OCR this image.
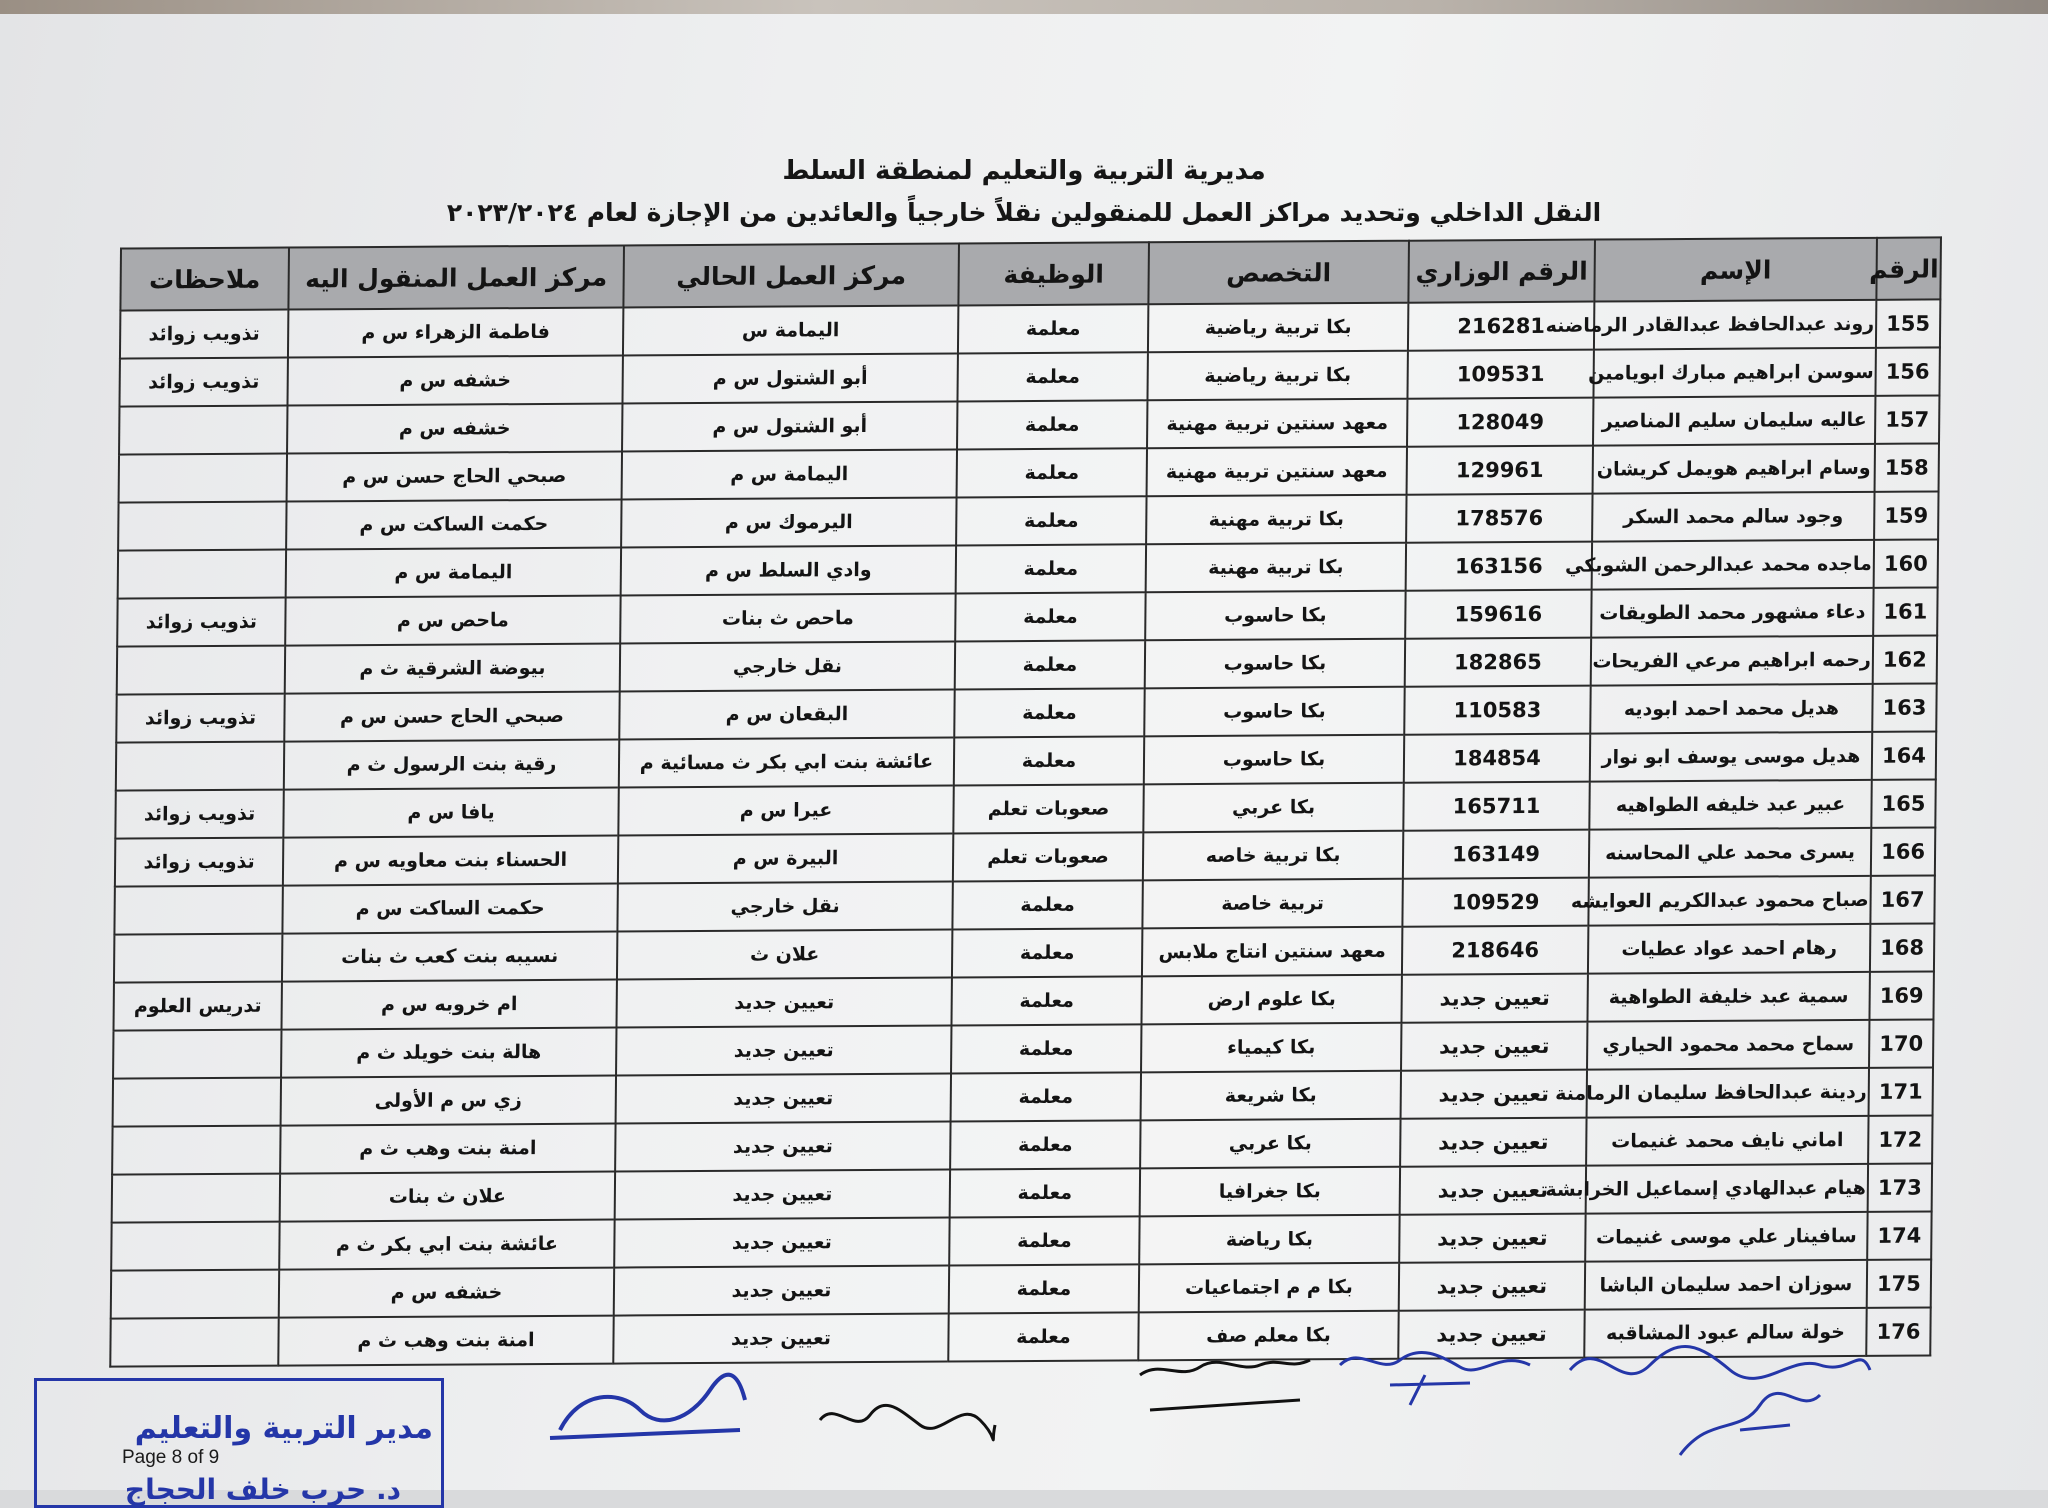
مديرية التربية والتعليم لمنطقة السلط
النقل الداخلي وتحديد مراكز العمل للمنقولين نقلاً خارجياً والعائدين من الإجازة لعام ٢٠٢٣/٢٠٢٤
الرقم	الإسم	الرقم الوزاري	التخصص	الوظيفة	مركز العمل الحالي	مركز العمل المنقول اليه	ملاحظات
155	روند عبدالحافظ عبدالقادر الرماضنه	216281	بكا تربية رياضية	معلمة	اليمامة س	فاطمة الزهراء س م	تذويب زوائد
156	سوسن ابراهيم مبارك ابويامين	109531	بكا تربية رياضية	معلمة	أبو الشتول س م	خشفه س م	تذويب زوائد
157	عاليه سليمان سليم المناصير	128049	معهد سنتين تربية مهنية	معلمة	أبو الشتول س م	خشفه س م	
158	وسام ابراهيم هويمل كريشان	129961	معهد سنتين تربية مهنية	معلمة	اليمامة س م	صبحي الحاج حسن س م	
159	وجود سالم محمد السكر	178576	بكا تربية مهنية	معلمة	اليرموك س م	حكمت الساكت س م	
160	ماجده محمد عبدالرحمن الشوبكي	163156	بكا تربية مهنية	معلمة	وادي السلط س م	اليمامة س م	
161	دعاء مشهور محمد الطويقات	159616	بكا حاسوب	معلمة	ماحص ث بنات	ماحص س م	تذويب زوائد
162	رحمه ابراهيم مرعي الفريحات	182865	بكا حاسوب	معلمة	نقل خارجي	بيوضة الشرقية ث م	
163	هديل محمد احمد ابوديه	110583	بكا حاسوب	معلمة	البقعان س م	صبحي الحاج حسن س م	تذويب زوائد
164	هديل موسى يوسف ابو نوار	184854	بكا حاسوب	معلمة	عائشة بنت ابي بكر ث مسائية م	رقية بنت الرسول ث م	
165	عبير عبد خليفه الطواهيه	165711	بكا عربي	صعوبات تعلم	عيرا س م	يافا س م	تذويب زوائد
166	يسرى محمد علي المحاسنه	163149	بكا تربية خاصه	صعوبات تعلم	البيرة س م	الحسناء بنت معاويه س م	تذويب زوائد
167	صباح محمود عبدالكريم العوايشه	109529	تربية خاصة	معلمة	نقل خارجي	حكمت الساكت س م	
168	رهام احمد عواد عطيات	218646	معهد سنتين انتاج ملابس	معلمة	علان ث	نسيبه بنت كعب ث بنات	
169	سمية عبد خليفة الطواهية	تعيين جديد	بكا علوم ارض	معلمة	تعيين جديد	ام خروبه س م	تدريس العلوم
170	سماح محمد محمود الحياري	تعيين جديد	بكا كيمياء	معلمة	تعيين جديد	هالة بنت خويلد ث م	
171	ردينة عبدالحافظ سليمان الرمامنة	تعيين جديد	بكا شريعة	معلمة	تعيين جديد	زي س م الأولى	
172	اماني نايف محمد غنيمات	تعيين جديد	بكا عربي	معلمة	تعيين جديد	امنة بنت وهب ث م	
173	هيام عبدالهادي إسماعيل الخرابشة	تعيين جديد	بكا جغرافيا	معلمة	تعيين جديد	علان ث بنات	
174	سافينار علي موسى غنيمات	تعيين جديد	بكا رياضة	معلمة	تعيين جديد	عائشة بنت ابي بكر ث م	
175	سوزان احمد سليمان الباشا	تعيين جديد	بكا م م اجتماعيات	معلمة	تعيين جديد	خشفه س م	
176	خولة سالم عبود المشاقبه	تعيين جديد	بكا معلم صف	معلمة	تعيين جديد	امنة بنت وهب ث م	
مدير التربية والتعليم
د. حرب خلف الحجاج
Page 8 of 9
